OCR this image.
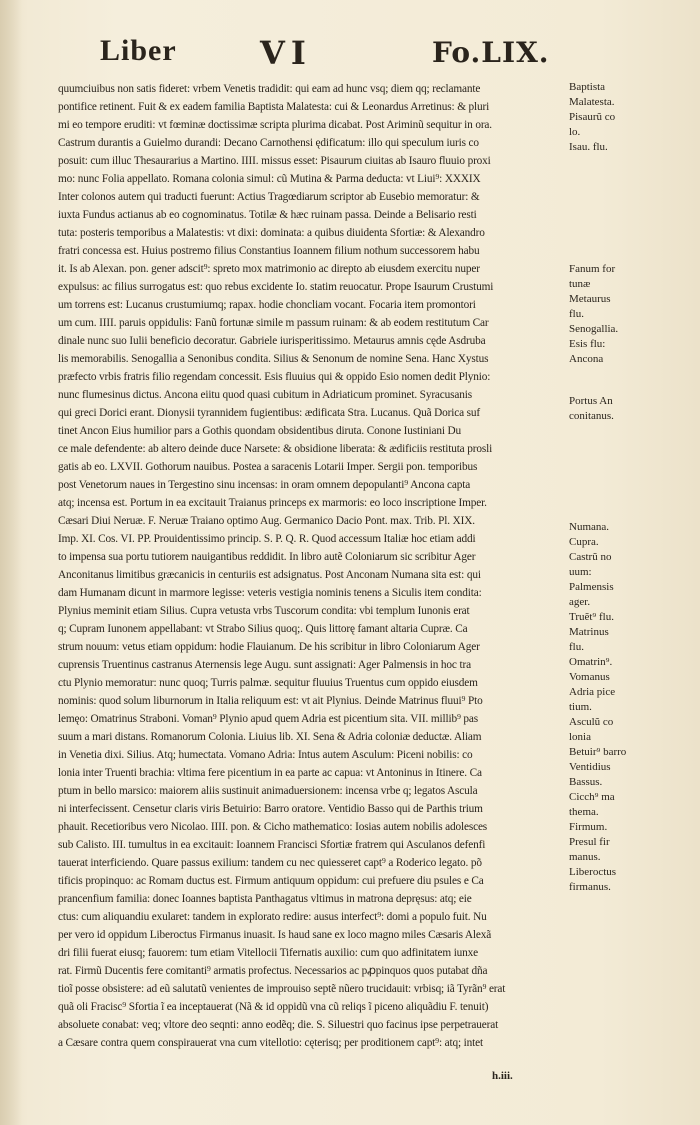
Liber	VI	Fo.LIX.
quumciuibus non satis fideret: vrbem Venetis tradidit: qui eam ad hunc vsq; diem qq; reclamante
pontifice retinent. Fuit & ex eadem familia Baptista Malatesta: cui & Leonardus Arretinus: & pluri
mi eo tempore eruditi: vt fœminæ doctissimæ scripta plurima dicabat. Post Ariminũ sequitur in ora.
Castrum durantis a Guielmo durandi: Decano Carnothensi ędificatum: illo qui speculum iuris co
posuit: cum illuc Thesaurarius a Martino. IIII. missus esset: Pisaurum ciuitas ab Isauro fluuio proxi
mo: nunc Folia appellato. Romana colonia simul: cũ Mutina & Parma deducta: vt Liui⁹: XXXIX
Inter colonos autem qui traducti fuerunt: Actius Tragœdiarum scriptor ab Eusebio memoratur: &
iuxta Fundus actianus ab eo cognominatus. Totilæ & hæc ruinam passa. Deinde a Belisario resti
tuta: posteris temporibus a Malatestis: vt dixi: dominata: a quibus diuidenta Sfortiæ: & Alexandro
fratri concessa est. Huius postremo filius Constantius Ioannem filium nothum successorem habu
it. Is ab Alexan. pon. gener adscit⁹: spreto mox matrimonio ac direpto ab eiusdem exercitu nuper
expulsus: ac filius surrogatus est: quo rebus excidente Io. statim reuocatur. Prope Isaurum Crustumi
um torrens est: Lucanus crustumiumq; rapax. hodie choncliam vocant. Focaria item promontori
um cum. IIII. paruis oppidulis: Fanũ fortunæ simile m passum ruinam: & ab eodem restitutum Car
dinale nunc suo Iulii beneficio decoratur. Gabriele iurisperitissimo. Metaurus amnis cęde Asdruba
lis memorabilis. Senogallia a Senonibus condita. Silius & Senonum de nomine Sena. Hanc Xystus
præfecto vrbis fratris filio regendam concessit. Esis fluuius qui & oppido Esio nomen dedit Plynio:
nunc flumesinus dictus. Ancona eiitu quod quasi cubitum in Adriaticum prominet. Syracusanis
qui greci Dorici erant. Dionysii tyrannidem fugientibus: ædificata Stra. Lucanus. Quã Dorica suf
tinet Ancon Eius humilior pars a Gothis quondam obsidentibus diruta. Conone Iustiniani Du
ce male defendente: ab altero deinde duce Narsete: & obsidione liberata: & ædificiis restituta prosli
gatis ab eo. LXVII. Gothorum nauibus. Postea a saracenis Lotarii Imper. Sergii pon. temporibus
post Venetorum naues in Tergestino sinu incensas: in oram omnem depopulanti⁹ Ancona capta
atq; incensa est. Portum in ea excitauit Traianus princeps ex marmoris: eo loco inscriptione Imper.
Cæsari Diui Neruæ. F. Neruæ Traiano optimo Aug. Germanico Dacio Pont. max. Trib. Pl. XIX.
Imp. XI. Cos. VI. PP. Prouidentissimo princip. S. P. Q. R. Quod accessum Italiæ hoc etiam addi
to impensa sua portu tutiorem nauigantibus reddidit. In libro autẽ Coloniarum sic scribitur Ager
Anconitanus limitibus græcanicis in centuriis est adsignatus. Post Anconam Numana sita est: qui
dam Humanam dicunt in marmore legisse: veteris vestigia nominis tenens a Siculis item condita:
Plynius meminit etiam Silius. Cupra vetusta vrbs Tuscorum condita: vbi templum Iunonis erat
q; Cupram Iunonem appellabant: vt Strabo Silius quoq;. Quis littorę famant altaria Cupræ. Ca
strum nouum: vetus etiam oppidum: hodie Flauianum. De his scribitur in libro Coloniarum Ager
cuprensis Truentinus castranus Aternensis lege Augu. sunt assignati: Ager Palmensis in hoc tra
ctu Plynio memoratur: nunc quoq; Turris palmæ. sequitur fluuius Truentus cum oppido eiusdem
nominis: quod solum liburnorum in Italia reliquum est: vt ait Plynius. Deinde Matrinus fluui⁹ Pto
lemęo: Omatrinus Straboni. Voman⁹ Plynio apud quem Adria est picentium sita. VII. millib⁹ pas
suum a mari distans. Romanorum Colonia. Liuius lib. XI. Sena & Adria coloniæ deductæ. Aliam
in Venetia dixi. Silius. Atq; humectata. Vomano Adria: Intus autem Asculum: Piceni nobilis: co
lonia inter Truenti brachia: vltima fere picentium in ea parte ac capua: vt Antoninus in Itinere. Ca
ptum in bello marsico: maiorem aliis sustinuit animaduersionem: incensa vrbe q; legatos Ascula
ni interfecissent. Censetur claris viris Betuirio: Barro oratore. Ventidio Basso qui de Parthis trium
phauit. Recetioribus vero Nicolao. IIII. pon. & Cicho mathematico: Iosias autem nobilis adolesces
sub Calisto. III. tumultus in ea excitauit: Ioannem Francisci Sfortiæ fratrem qui Asculanos defenfi
tauerat interficiendo. Quare passus exilium: tandem cu nec quiesseret capt⁹ a Roderico legato. põ
tificis propinquo: ac Romam ductus est. Firmum antiquum oppidum: cui prefuere diu psules e Ca
prancenfium familia: donec Ioannes baptista Panthagatus vltimus in matrona depręsus: atq; eie
ctus: cum aliquandiu exularet: tandem in explorato redire: ausus interfect⁹: domi a populo fuit. Nu
per vero id oppidum Liberoctus Firmanus inuasit. Is haud sane ex loco magno miles Cæsaris Alexã
dri filii fuerat eiusq; fauorem: tum etiam Vitellocii Tifernatis auxilio: cum quo adfinitatem iunxe
rat. Firmũ Ducentis fere comitanti⁹ armatis profectus. Necessarios ac pꝓpinquos quos putabat dña
tioĩ posse obsistere: ad eũ salutatũ venientes de improuiso septẽ nũero trucidauit: vrbisq; iã Tyrãn⁹ erat
quã oli Fracisc⁹ Sfortia ĩ ea inceptauerat (Nã & id oppidũ vna cũ reliqs ĩ piceno aliquãdiu F. tenuit)
absoluete conabat: veq; vltore deo seqnti: anno eodẽq; die. S. Siluestri quo facinus ipse perpetrauerat
a Cæsare contra quem conspirauerat vna cum vitellotio: cęterisq; per proditionem capt⁹: atq; intet
Baptista
Malatesta.
Pisaurũ co
lo.
Isau. flu.
Fanum for
tunæ
Metaurus
flu.
Senogallia.
Esis flu:
Ancona
Portus An
conitanus.
Numana.
Cupra.
Castrũ no
uum:
Palmensis
ager.
Truẽt⁹ flu.
Matrinus
flu.
Omatrin⁹.
Vomanus
Adria pice
tium.
Asculũ co
lonia
Betuir⁹ barro
Ventidius
Bassus.
Cicch⁹ ma
thema.
Firmum.
Presul fir
manus.
Liberoctus
firmanus.
h.iii.
